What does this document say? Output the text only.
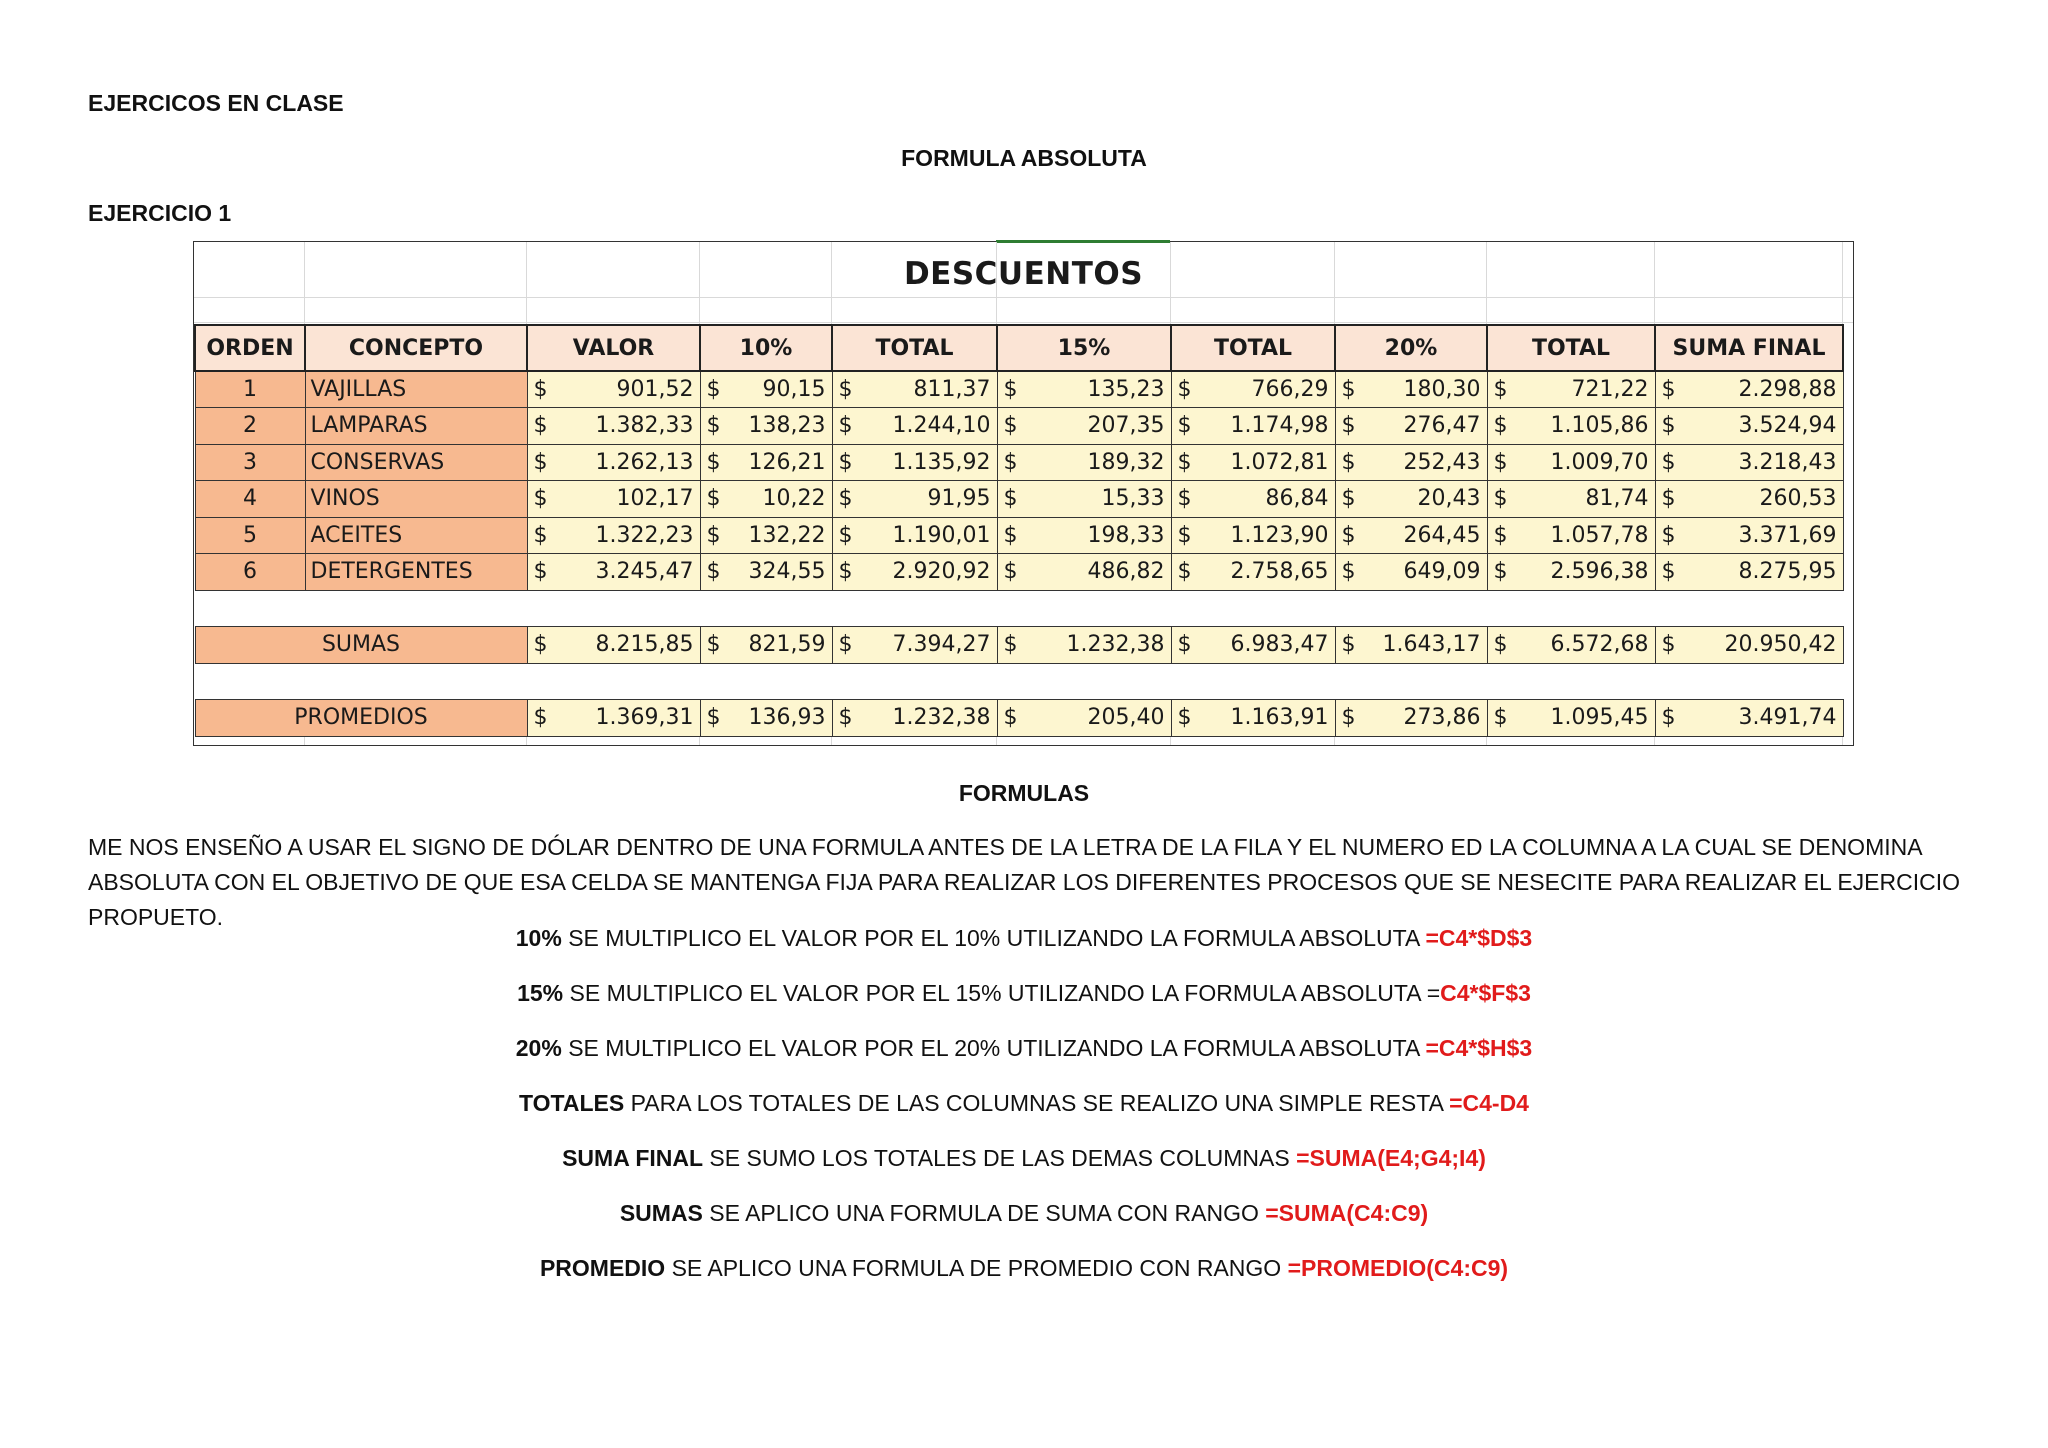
EJERCICOS EN CLASE
FORMULA ABSOLUTA
EJERCICIO 1
DESCUENTOS
ORDEN	CONCEPTO	VALOR	10%	TOTAL	15%	TOTAL	20%	TOTAL	SUMA FINAL
1	VAJILLAS	$ 901,52	$ 90,15	$ 811,37	$ 135,23	$ 766,29	$ 180,30	$ 721,22	$ 2.298,88

2	LAMPARAS	$ 1.382,33	$ 138,23	$ 1.244,10	$ 207,35	$ 1.174,98	$ 276,47	$ 1.105,86	$ 3.524,94

3	CONSERVAS	$ 1.262,13	$ 126,21	$ 1.135,92	$ 189,32	$ 1.072,81	$ 252,43	$ 1.009,70	$ 3.218,43

4	VINOS	$ 102,17	$ 10,22	$ 91,95	$ 15,33	$ 86,84	$ 20,43	$ 81,74	$ 260,53

5	ACEITES	$ 1.322,23	$ 132,22	$ 1.190,01	$ 198,33	$ 1.123,90	$ 264,45	$ 1.057,78	$ 3.371,69

6	DETERGENTES	$ 3.245,47	$ 324,55	$ 2.920,92	$ 486,82	$ 2.758,65	$ 649,09	$ 2.596,38	$ 8.275,95

SUMAS		$ 8.215,85	$ 821,59	$ 7.394,27	$ 1.232,38	$ 6.983,47	$ 1.643,17	$ 6.572,68	$ 20.950,42

PROMEDIOS		$ 1.369,31	$ 136,93	$ 1.232,38	$ 205,40	$ 1.163,91	$ 273,86	$ 1.095,45	$ 3.491,74
FORMULAS
ME NOS ENSEÑO A USAR EL SIGNO DE DÓLAR DENTRO DE UNA FORMULA ANTES DE LA LETRA DE LA FILA Y EL NUMERO ED LA COLUMNA A LA CUAL SE DENOMINA ABSOLUTA CON EL OBJETIVO DE QUE ESA CELDA SE MANTENGA FIJA PARA REALIZAR LOS DIFERENTES PROCESOS QUE SE NESECITE PARA REALIZAR EL EJERCICIO PROPUETO.
10% SE MULTIPLICO EL VALOR POR EL 10% UTILIZANDO LA FORMULA ABSOLUTA =C4*$D$3
15% SE MULTIPLICO EL VALOR POR EL 15% UTILIZANDO LA FORMULA ABSOLUTA =C4*$F$3
20% SE MULTIPLICO EL VALOR POR EL 20% UTILIZANDO LA FORMULA ABSOLUTA =C4*$H$3
TOTALES PARA LOS TOTALES DE LAS COLUMNAS SE REALIZO UNA SIMPLE RESTA =C4-D4
SUMA FINAL SE SUMO LOS TOTALES DE LAS DEMAS COLUMNAS =SUMA(E4;G4;I4)
SUMAS SE APLICO UNA FORMULA DE SUMA CON RANGO =SUMA(C4:C9)
PROMEDIO SE APLICO UNA FORMULA DE PROMEDIO CON RANGO =PROMEDIO(C4:C9)
